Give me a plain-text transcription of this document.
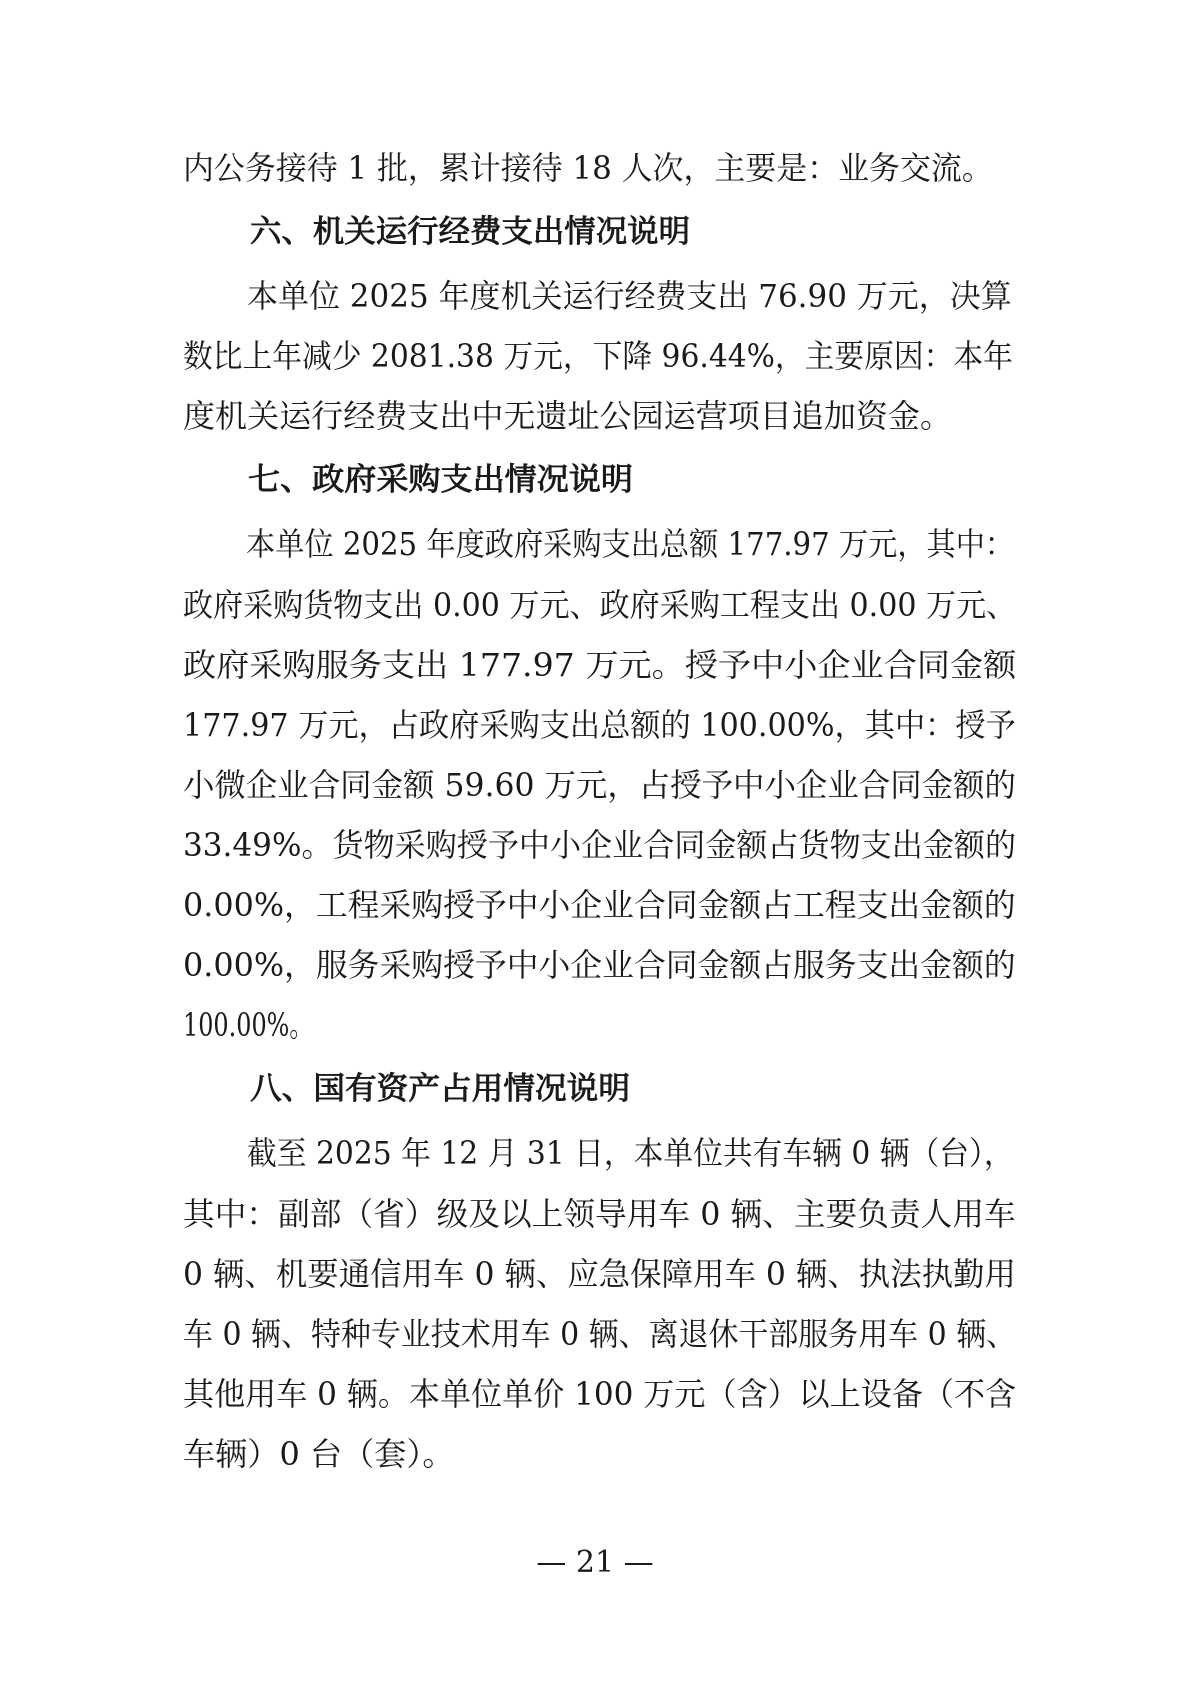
内公务接待 1 批，累计接待 18 人次，主要是：业务交流。
六、机关运行经费支出情况说明
本单位 2025 年度机关运行经费支出 76.90 万元，决算
数比上年减少 2081.38 万元，下降 96.44%，主要原因：本年
度机关运行经费支出中无遗址公园运营项目追加资金。
七、政府采购支出情况说明
本单位 2025 年度政府采购支出总额 177.97 万元，其中：
政府采购货物支出 0.00 万元、政府采购工程支出 0.00 万元、
政府采购服务支出 177.97 万元。授予中小企业合同金额
177.97 万元，占政府采购支出总额的 100.00%，其中：授予
小微企业合同金额 59.60 万元，占授予中小企业合同金额的
33.49%。货物采购授予中小企业合同金额占货物支出金额的
0.00%，工程采购授予中小企业合同金额占工程支出金额的
0.00%，服务采购授予中小企业合同金额占服务支出金额的
100.00%。
八、国有资产占用情况说明
截至 2025 年 12 月 31 日，本单位共有车辆 0 辆（台），
其中：副部（省）级及以上领导用车 0 辆、主要负责人用车
0 辆、机要通信用车 0 辆、应急保障用车 0 辆、执法执勤用
车 0 辆、特种专业技术用车 0 辆、离退休干部服务用车 0 辆、
其他用车 0 辆。本单位单价 100 万元（含）以上设备（不含
车辆）0 台（套）。
— 21 —
